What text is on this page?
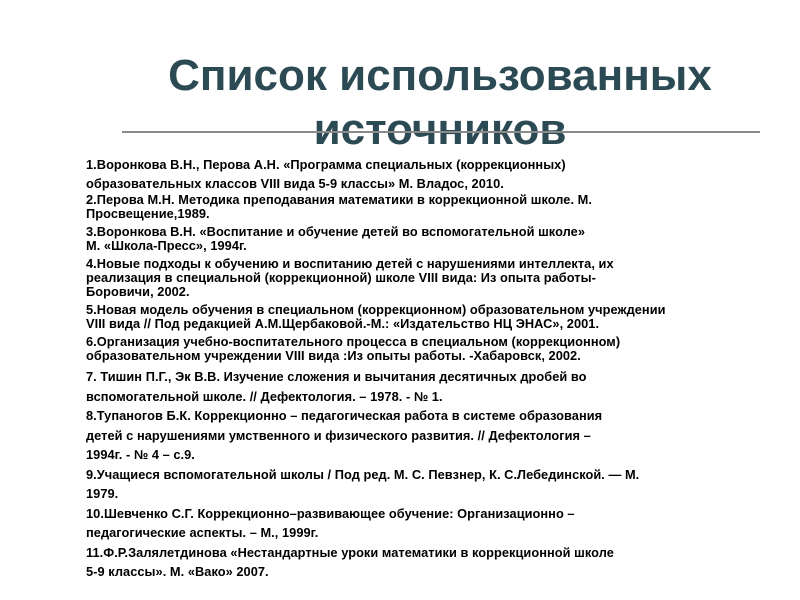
Список использованных
источников

1.Воронкова В.Н., Перова А.Н. «Программа специальных (коррекционных)
образовательных классов VIII вида 5-9 классы» М. Владос, 2010.

2.Перова М.Н. Методика преподавания математики в коррекционной школе. М.
Просвещение,1989.

3.Воронкова В.Н. «Воспитание и обучение детей во вспомогательной школе»
М. «Школа-Пресс», 1994г.

4.Новые подходы к обучению и воспитанию детей с нарушениями интеллекта, их
реализация в специальной (коррекционной) школе VIII вида: Из опыта работы-
Боровичи, 2002.

5.Новая модель обучения в специальном (коррекционном) образовательном учреждении
VIII вида // Под редакцией А.М.Щербаковой.-М.: «Издательство НЦ ЭНАС», 2001.

6.Организация учебно-воспитательного процесса в специальном (коррекционном)
образовательном учреждении VIII вида :Из опыты работы. -Хабаровск, 2002.

7. Тишин П.Г., Эк В.В. Изучение сложения и вычитания десятичных дробей во
вспомогательной школе. // Дефектология. – 1978. - № 1.

8.Тупаногов Б.К. Коррекционно – педагогическая работа в системе образования
детей с нарушениями умственного и физического развития. // Дефектология –
1994г. - № 4 – с.9.

9.Учащиеся вспомогательной школы / Под ред. М. С. Певзнер, К. С.Лебединской. — М.
1979.

10.Шевченко С.Г. Коррекционно–развивающее обучение: Организационно –
педагогические аспекты. – М., 1999г.

11.Ф.Р.Залялетдинова «Нестандартные уроки математики в коррекционной школе
5-9 классы». М. «Вако» 2007.
